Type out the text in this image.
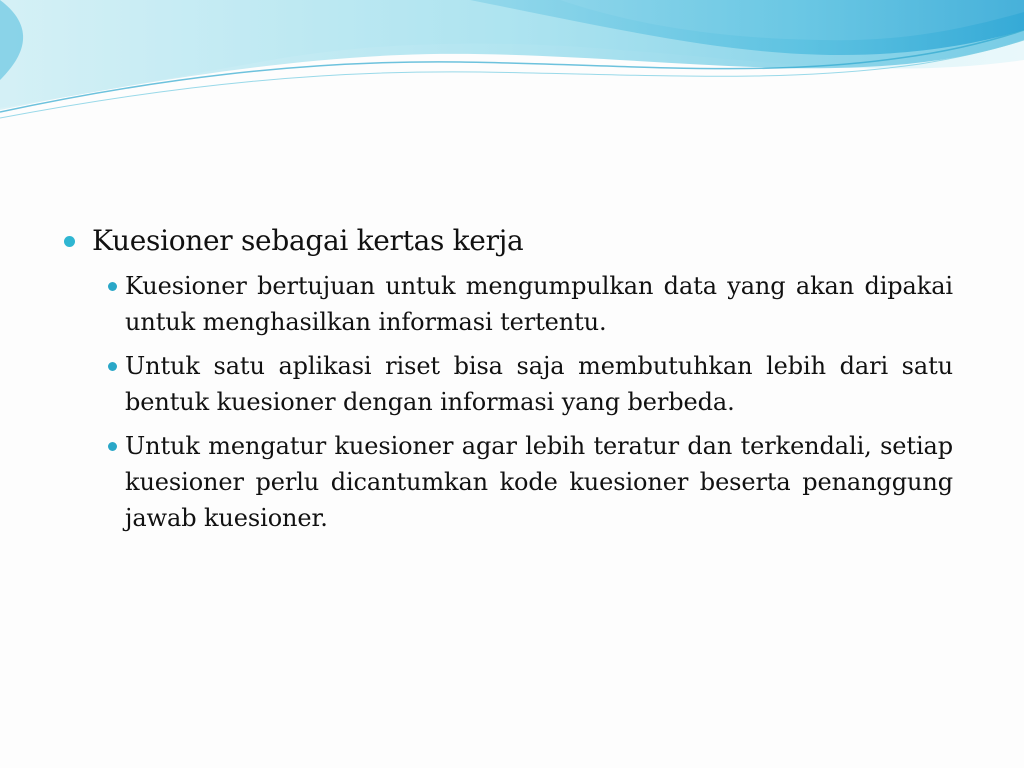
Kuesioner sebagai kertas kerja
Kuesioner bertujuan untuk mengumpulkan data yang akan dipakai untuk menghasilkan informasi tertentu.
Untuk satu aplikasi riset bisa saja membutuhkan lebih dari satu bentuk kuesioner dengan informasi yang berbeda.
Untuk mengatur kuesioner agar lebih teratur dan terkendali, setiap kuesioner perlu dicantumkan kode kuesioner beserta penanggung jawab kuesioner.
